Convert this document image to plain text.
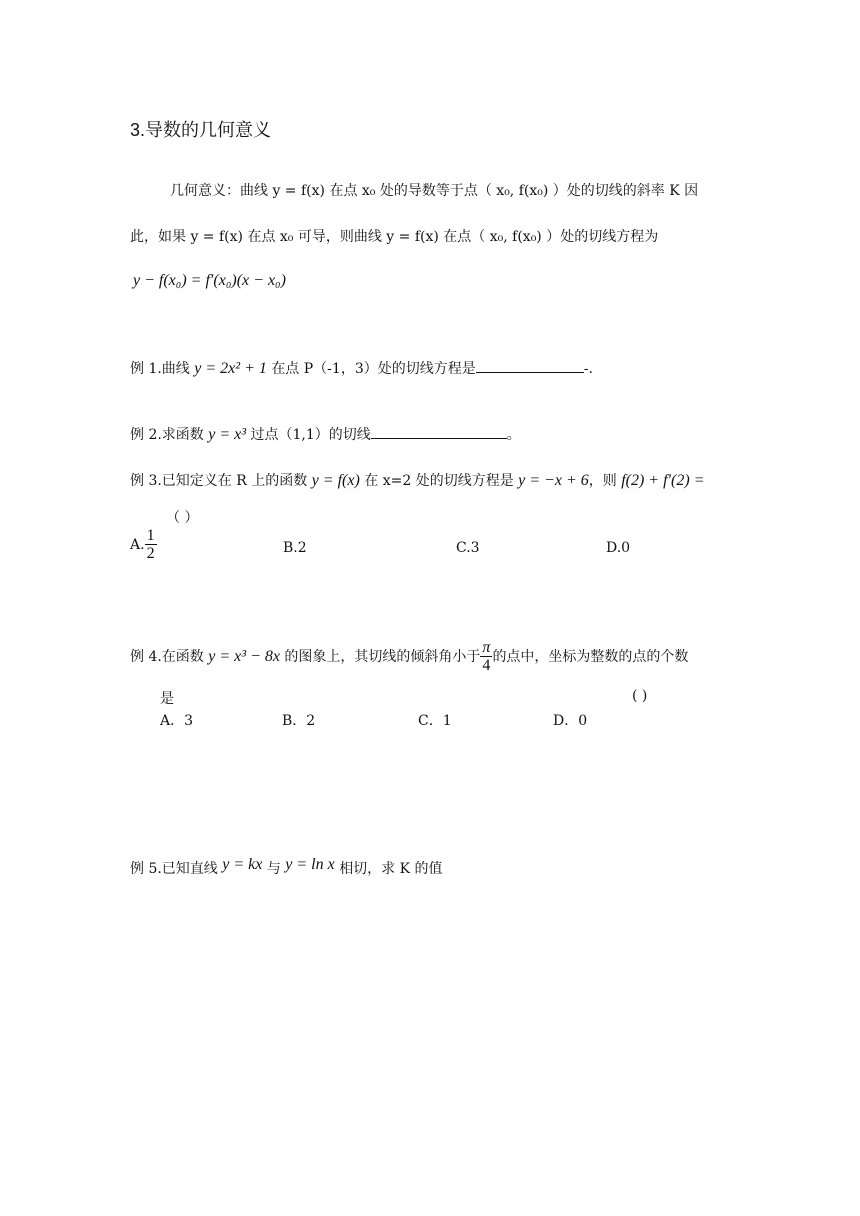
3.导数的几何意义
几何意义：曲线 y = f(x) 在点 x₀ 处的导数等于点（ x₀, f(x₀) ）处的切线的斜率 K 因
此，如果 y = f(x) 在点 x₀ 可导，则曲线 y = f(x) 在点（ x₀, f(x₀) ）处的切线方程为
y − f(x₀) = f′(x₀)(x − x₀)
例 1.曲线 y = 2x² + 1 在点 P（-1，3）处的切线方程是	-.
例 2.求函数 y = x³ 过点（1,1）的切线	。
例 3.已知定义在 R 上的函数 y = f(x) 在 x=2 处的切线方程是 y = −x + 6，则 f(2) + f′(2) =
（ ）
A. $\frac{1}{2}$	B.2	C.3	D.0
例 4.在函数 y = x³ − 8x 的图象上，其切线的倾斜角小于 $\frac{\pi}{4}$ 的点中，坐标为整数的点的个数
是	( )
A．3	B．2	C．1	D．0
例 5.已知直线 y = kx 与 y = ln x 相切，求 K 的值
